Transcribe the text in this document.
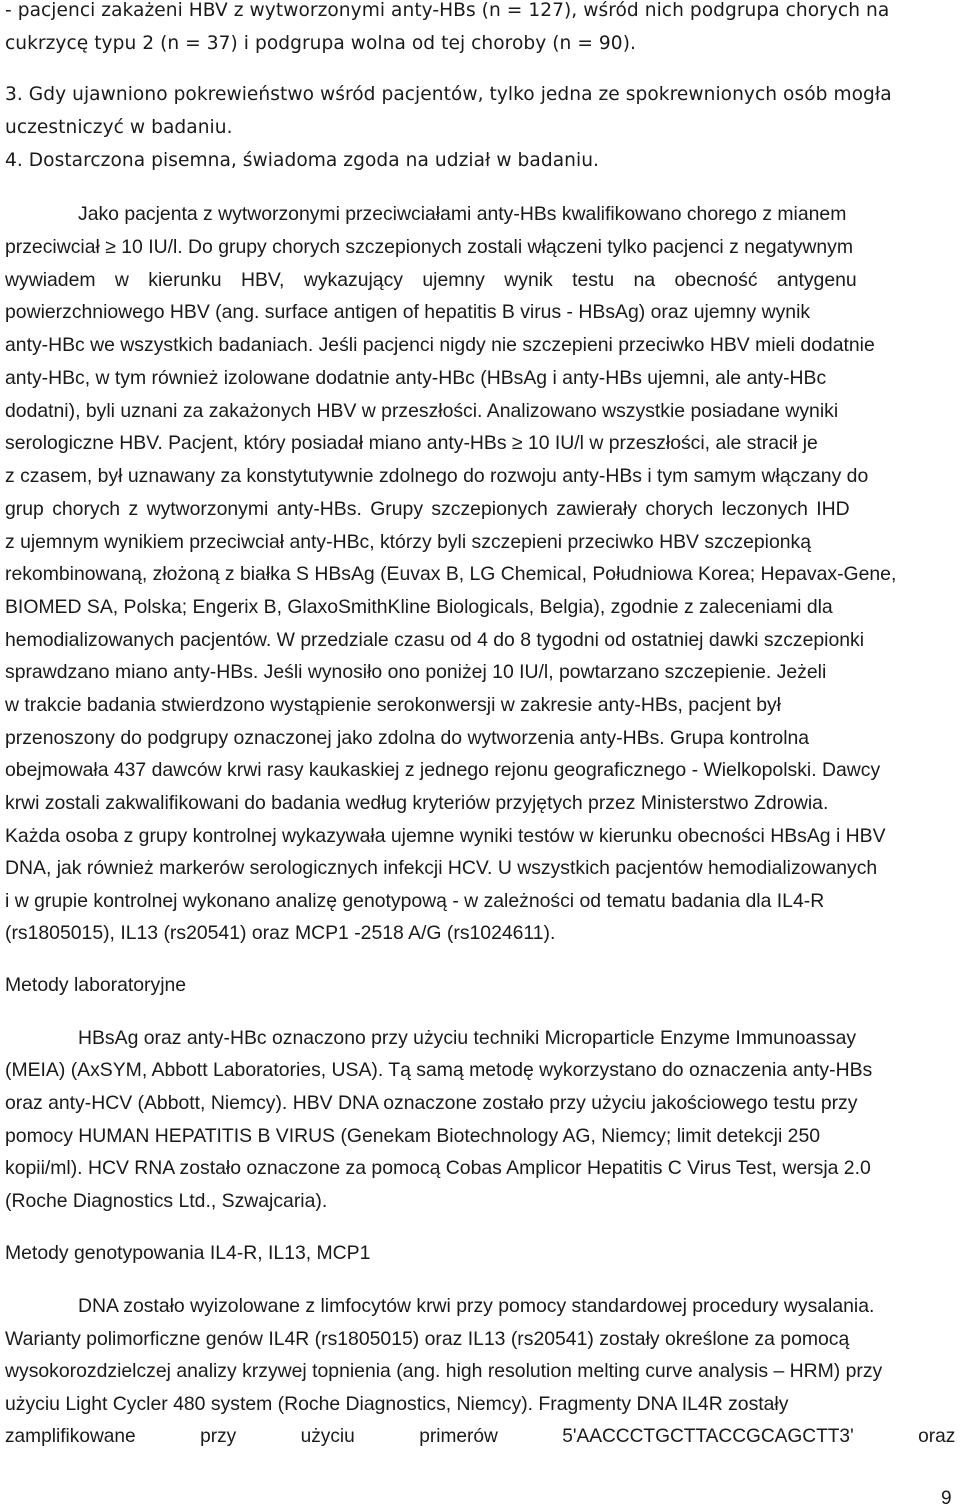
- pacjenci zakażeni HBV z wytworzonymi anty-HBs (n = 127), wśród nich podgrupa chorych na
cukrzycę typu 2 (n = 37) i podgrupa wolna od tej choroby (n = 90).
3. Gdy ujawniono pokrewieństwo wśród pacjentów, tylko jedna ze spokrewnionych osób mogła
uczestniczyć w badaniu.
4. Dostarczona pisemna, świadoma zgoda na udział w badaniu.
Jako pacjenta z wytworzonymi przeciwciałami anty-HBs kwalifikowano chorego z mianem
przeciwciał ≥ 10 IU/l. Do grupy chorych szczepionych zostali włączeni tylko pacjenci z negatywnym
wywiadem w kierunku HBV, wykazujący ujemny wynik testu na obecność antygenu
powierzchniowego HBV (ang. surface antigen of hepatitis B virus - HBsAg) oraz ujemny wynik
anty-HBc we wszystkich badaniach. Jeśli pacjenci nigdy nie szczepieni przeciwko HBV mieli dodatnie
anty-HBc, w tym również izolowane dodatnie anty-HBc (HBsAg i anty-HBs ujemni, ale anty-HBc
dodatni), byli uznani za zakażonych HBV w przeszłości. Analizowano wszystkie posiadane wyniki
serologiczne HBV. Pacjent, który posiadał miano anty-HBs ≥ 10 IU/l w przeszłości, ale stracił je
z czasem, był uznawany za konstytutywnie zdolnego do rozwoju anty-HBs i tym samym włączany do
grup chorych z wytworzonymi anty-HBs. Grupy szczepionych zawierały chorych leczonych IHD
z ujemnym wynikiem przeciwciał anty-HBc, którzy byli szczepieni przeciwko HBV szczepionką
rekombinowaną, złożoną z białka S HBsAg (Euvax B, LG Chemical, Południowa Korea; Hepavax-Gene,
BIOMED SA, Polska; Engerix B, GlaxoSmithKline Biologicals, Belgia), zgodnie z zaleceniami dla
hemodializowanych pacjentów. W przedziale czasu od 4 do 8 tygodni od ostatniej dawki szczepionki
sprawdzano miano anty-HBs. Jeśli wynosiło ono poniżej 10 IU/l, powtarzano szczepienie. Jeżeli
w trakcie badania stwierdzono wystąpienie serokonwersji w zakresie anty-HBs, pacjent był
przenoszony do podgrupy oznaczonej jako zdolna do wytworzenia anty-HBs. Grupa kontrolna
obejmowała 437 dawców krwi rasy kaukaskiej z jednego rejonu geograficznego - Wielkopolski. Dawcy
krwi zostali zakwalifikowani do badania według kryteriów przyjętych przez Ministerstwo Zdrowia.
Każda osoba z grupy kontrolnej wykazywała ujemne wyniki testów w kierunku obecności HBsAg i HBV
DNA, jak również markerów serologicznych infekcji HCV. U wszystkich pacjentów hemodializowanych
i w grupie kontrolnej wykonano analizę genotypową - w zależności od tematu badania dla IL4-R
(rs1805015), IL13 (rs20541) oraz MCP1 -2518 A/G (rs1024611).
Metody laboratoryjne
HBsAg oraz anty-HBc oznaczono przy użyciu techniki Microparticle Enzyme Immunoassay
(MEIA) (AxSYM, Abbott Laboratories, USA). Tą samą metodę wykorzystano do oznaczenia anty-HBs
oraz anty-HCV (Abbott, Niemcy). HBV DNA oznaczone zostało przy użyciu jakościowego testu przy
pomocy HUMAN HEPATITIS B VIRUS (Genekam Biotechnology AG, Niemcy; limit detekcji 250
kopii/ml). HCV RNA zostało oznaczone za pomocą Cobas Amplicor Hepatitis C Virus Test, wersja 2.0
(Roche Diagnostics Ltd., Szwajcaria).
Metody genotypowania IL4-R, IL13, MCP1
DNA zostało wyizolowane z limfocytów krwi przy pomocy standardowej procedury wysalania.
Warianty polimorficzne genów IL4R (rs1805015) oraz IL13 (rs20541) zostały określone za pomocą
wysokorozdzielczej analizy krzywej topnienia (ang. high resolution melting curve analysis – HRM) przy
użyciu Light Cycler 480 system (Roche Diagnostics, Niemcy). Fragmenty DNA IL4R zostały
zamplifikowane przy użyciu primerów 5'AACCCTGCTTACCGCAGCTT3' oraz
9
